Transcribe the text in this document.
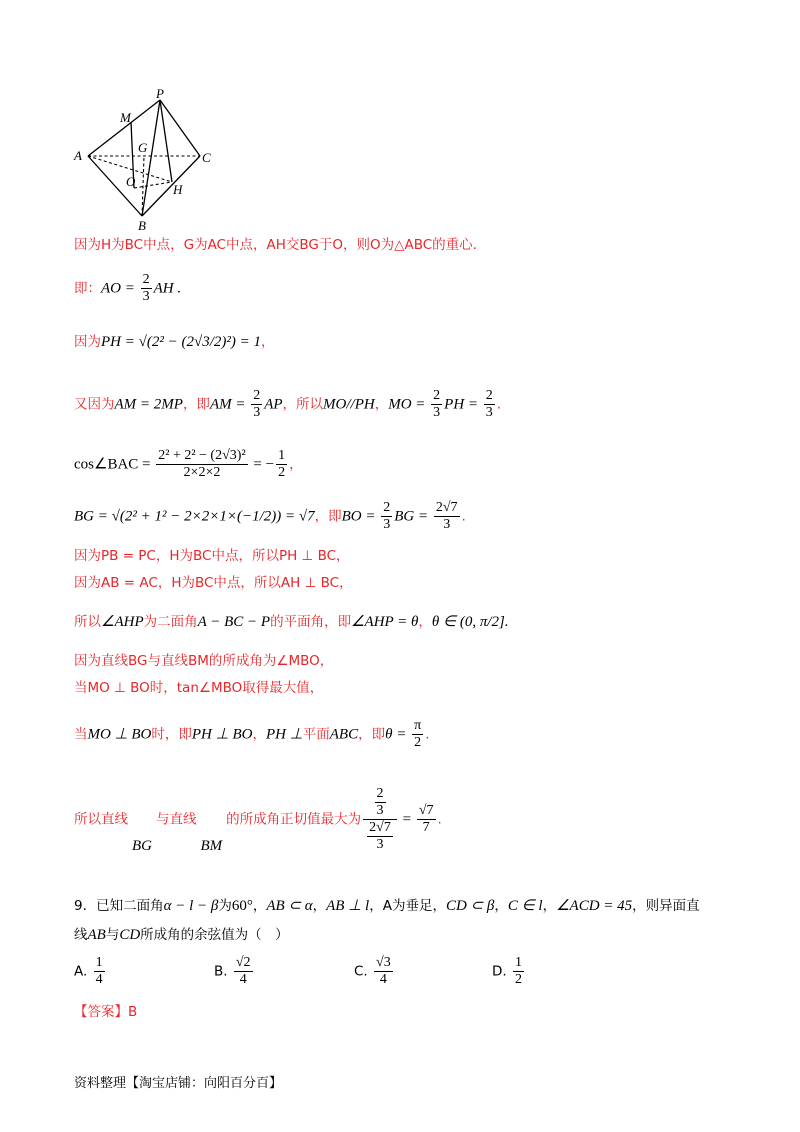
P
M
G
A	C
O
H
B
因为H为BC中点，G为AC中点，AH交BG于O，则O为△ABC的重心.
即：AO = $\frac{2}{3}$ AH .
因为PH = √(2² − (2√3/2)²) = 1，
又因为AM = 2MP，即AM = $\frac{2}{3}$ AP，所以MO//PH，MO = $\frac{2}{3}$ PH = $\frac{2}{3}$ .
cos∠BAC = $\frac{\text{2² + 2² − (2√3)²}}{2\times 2\times 2}$ = − $\frac{1}{2}$ ，
BG = √(2² + 1² − 2×2×1×(−1/2)) = √7，即BO = $\frac{2}{3}$ BG = $\frac{2√7}{3}$ .
因为PB = PC，H为BC中点，所以PH ⊥ BC，
因为AB = AC，H为BC中点，所以AH ⊥ BC，
所以∠AHP为二面角A − BC − P的平面角，即∠AHP = θ，θ ∈ (0, π/2].
因为直线BG与直线BM的所成角为∠MBO，
当MO ⊥ BO时，tan∠MBO取得最大值，
当MO ⊥ BO时，即PH ⊥ BO，PH ⊥平面ABC，即$\theta = \frac{\pi}{2}$ .
所以直线BG与直线BM的所成角正切值最大为 $\frac{\frac{2}{3}}{\frac{2√7}{3}} = \frac{√7}{7}$ .
9．已知二面角α − l − β为60°，AB ⊂ α，AB ⊥ l，A为垂足，CD ⊂ β，C ∈ l，∠ACD = 45，则异面直
线AB与CD所成角的余弦值为（　）
A. $\frac{1}{4}$	B. $\frac{√2}{4}$	C. $\frac{√3}{4}$	D. $\frac{1}{2}$
【答案】B
资料整理【淘宝店铺：向阳百分百】
